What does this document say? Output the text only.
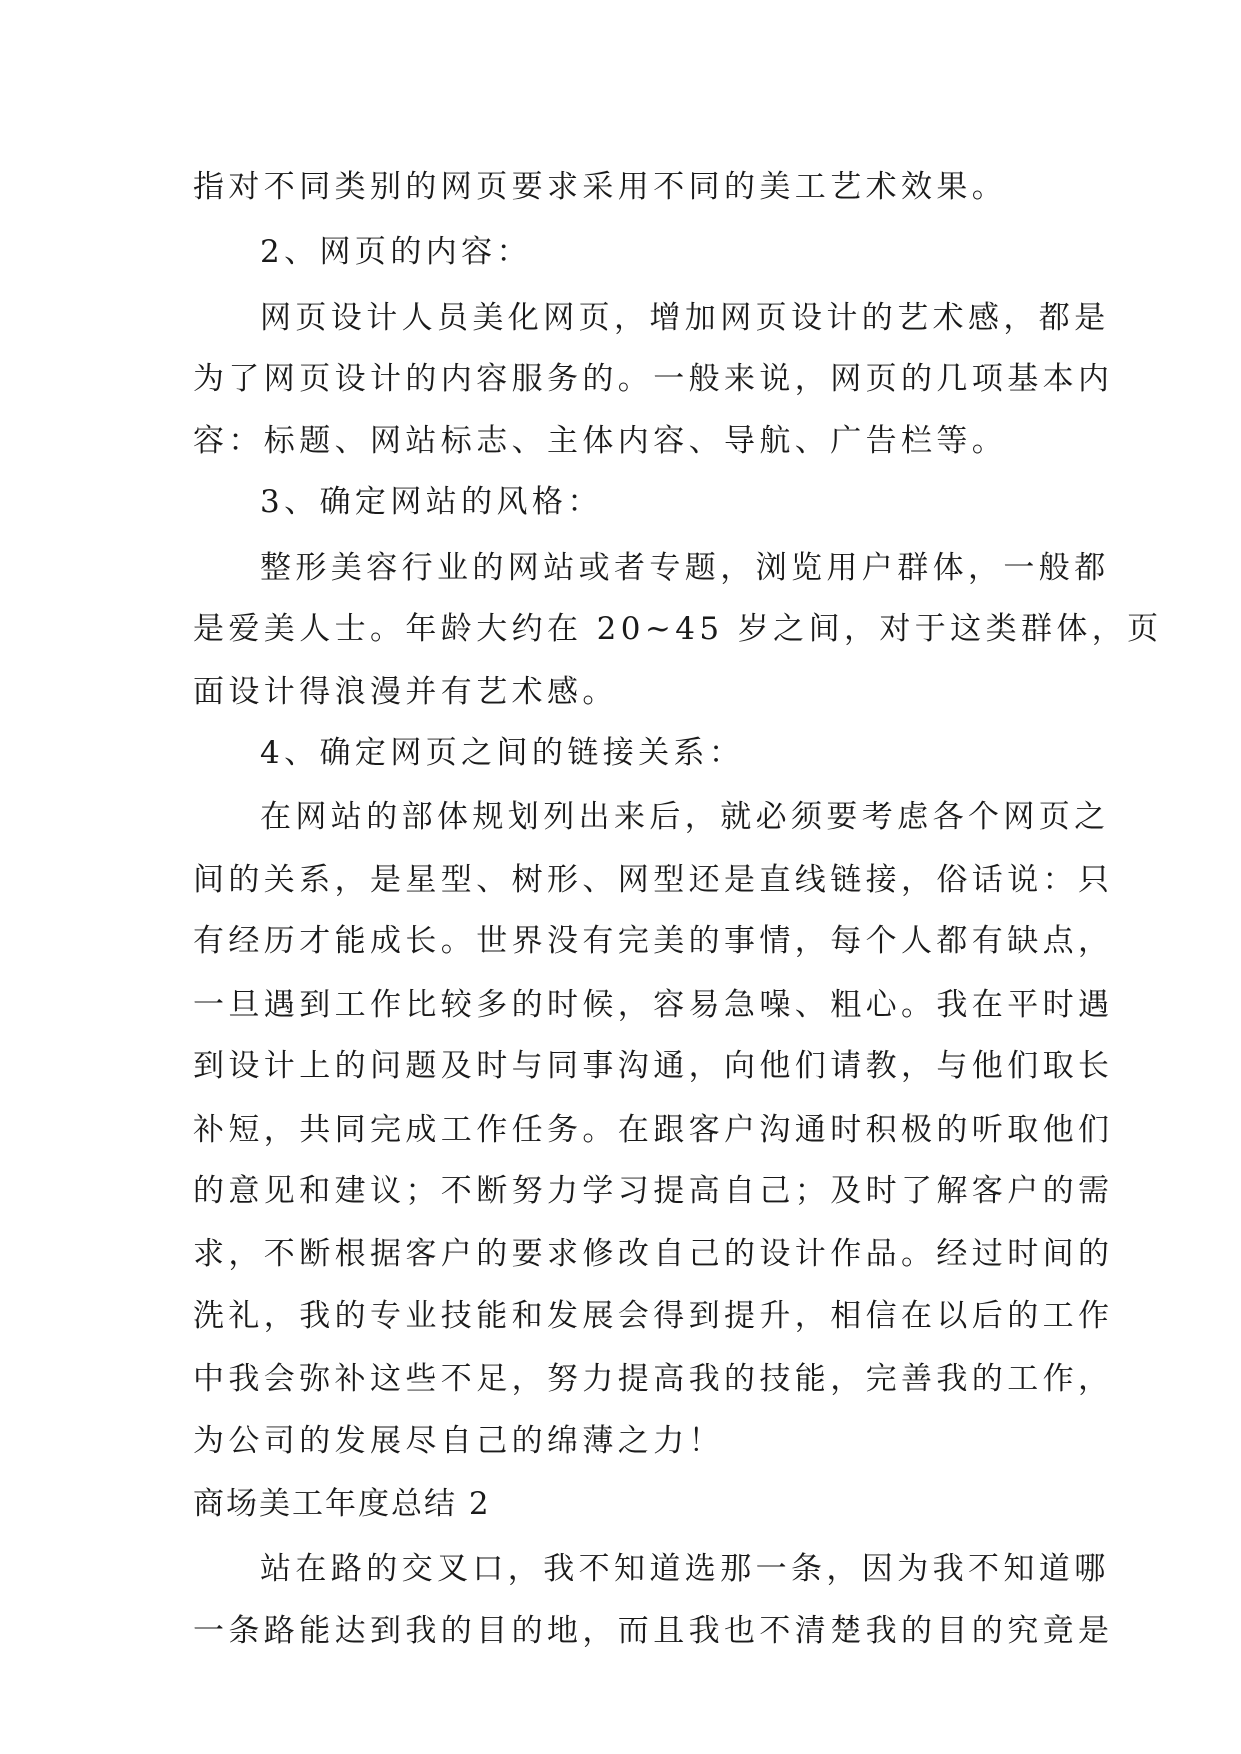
指对不同类别的网页要求采用不同的美工艺术效果。
2、网页的内容：
网页设计人员美化网页，增加网页设计的艺术感，都是
为了网页设计的内容服务的。一般来说，网页的几项基本内
容：标题、网站标志、主体内容、导航、广告栏等。
3、确定网站的风格：
整形美容行业的网站或者专题，浏览用户群体，一般都
是爱美人士。年龄大约在 20~45 岁之间，对于这类群体，页
面设计得浪漫并有艺术感。
4、确定网页之间的链接关系：
在网站的部体规划列出来后，就必须要考虑各个网页之
间的关系，是星型、树形、网型还是直线链接，俗话说：只
有经历才能成长。世界没有完美的事情，每个人都有缺点，
一旦遇到工作比较多的时候，容易急噪、粗心。我在平时遇
到设计上的问题及时与同事沟通，向他们请教，与他们取长
补短，共同完成工作任务。在跟客户沟通时积极的听取他们
的意见和建议；不断努力学习提高自己；及时了解客户的需
求，不断根据客户的要求修改自己的设计作品。经过时间的
洗礼，我的专业技能和发展会得到提升，相信在以后的工作
中我会弥补这些不足，努力提高我的技能，完善我的工作，
为公司的发展尽自己的绵薄之力！
商场美工年度总结 2
站在路的交叉口，我不知道选那一条，因为我不知道哪
一条路能达到我的目的地，而且我也不清楚我的目的究竟是
